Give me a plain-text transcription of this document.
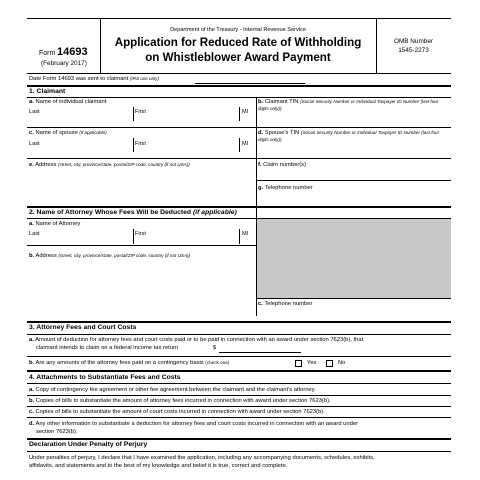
Form 14693
(February 2017)
Department of the Treasury - Internal Revenue Service
Application for Reduced Rate of Withholding
on Whistleblower Award Payment
OMB Number
1545-2273
Date Form 14693 was sent to claimant (IRS use only)
1. Claimant
a. Name of individual claimant
Last	First	MI
b. Claimant TIN (Social Security Number or Individual Taxpayer ID Number (last four digits only))
c. Name of spouse (if applicable)
Last	First	MI
d. Spouse's TIN (Social Security Number or Individual Taxpayer ID Number (last four digits only))
e. Address (street, city, province/state, postal/ZIP code, country (if not USA))	f. Claim number(s)
g. Telephone number
2. Name of Attorney Whose Fees Will be Deducted (if applicable)
a. Name of Attorney
Last	First	MI
b. Address (street, city, province/state, postal/ZIP code, country (if not USA))
c. Telephone number
3. Attorney Fees and Court Costs
a. Amount of deduction for attorney fees and court costs paid or to be paid in connection with an award under section 7623(b), that
claimant intends to claim on a federal income tax return	$
b. Are any amounts of the attorney fees paid on a contingency basis (check one)	Yes	No
4. Attachments to Substantiate Fees and Costs
a. Copy of contingency fee agreement or other fee agreement between the claimant and the claimant's attorney.
b. Copies of bills to substantiate the amount of attorney fees incurred in connection with award under section 7623(b).
c. Copies of bills to substantiate the amount of court costs incurred in connection with award under section 7623(b).
d. Any other information to substantiate a deduction for attorney fees and court costs incurred in connection with an award under
section 7623(b).
Declaration Under Penalty of Perjury
Under penalties of perjury, I declare that I have examined the application, including any accompanying documents, schedules, exhibits,
affidavits, and statements and to the best of my knowledge and belief it is true, correct and complete.
